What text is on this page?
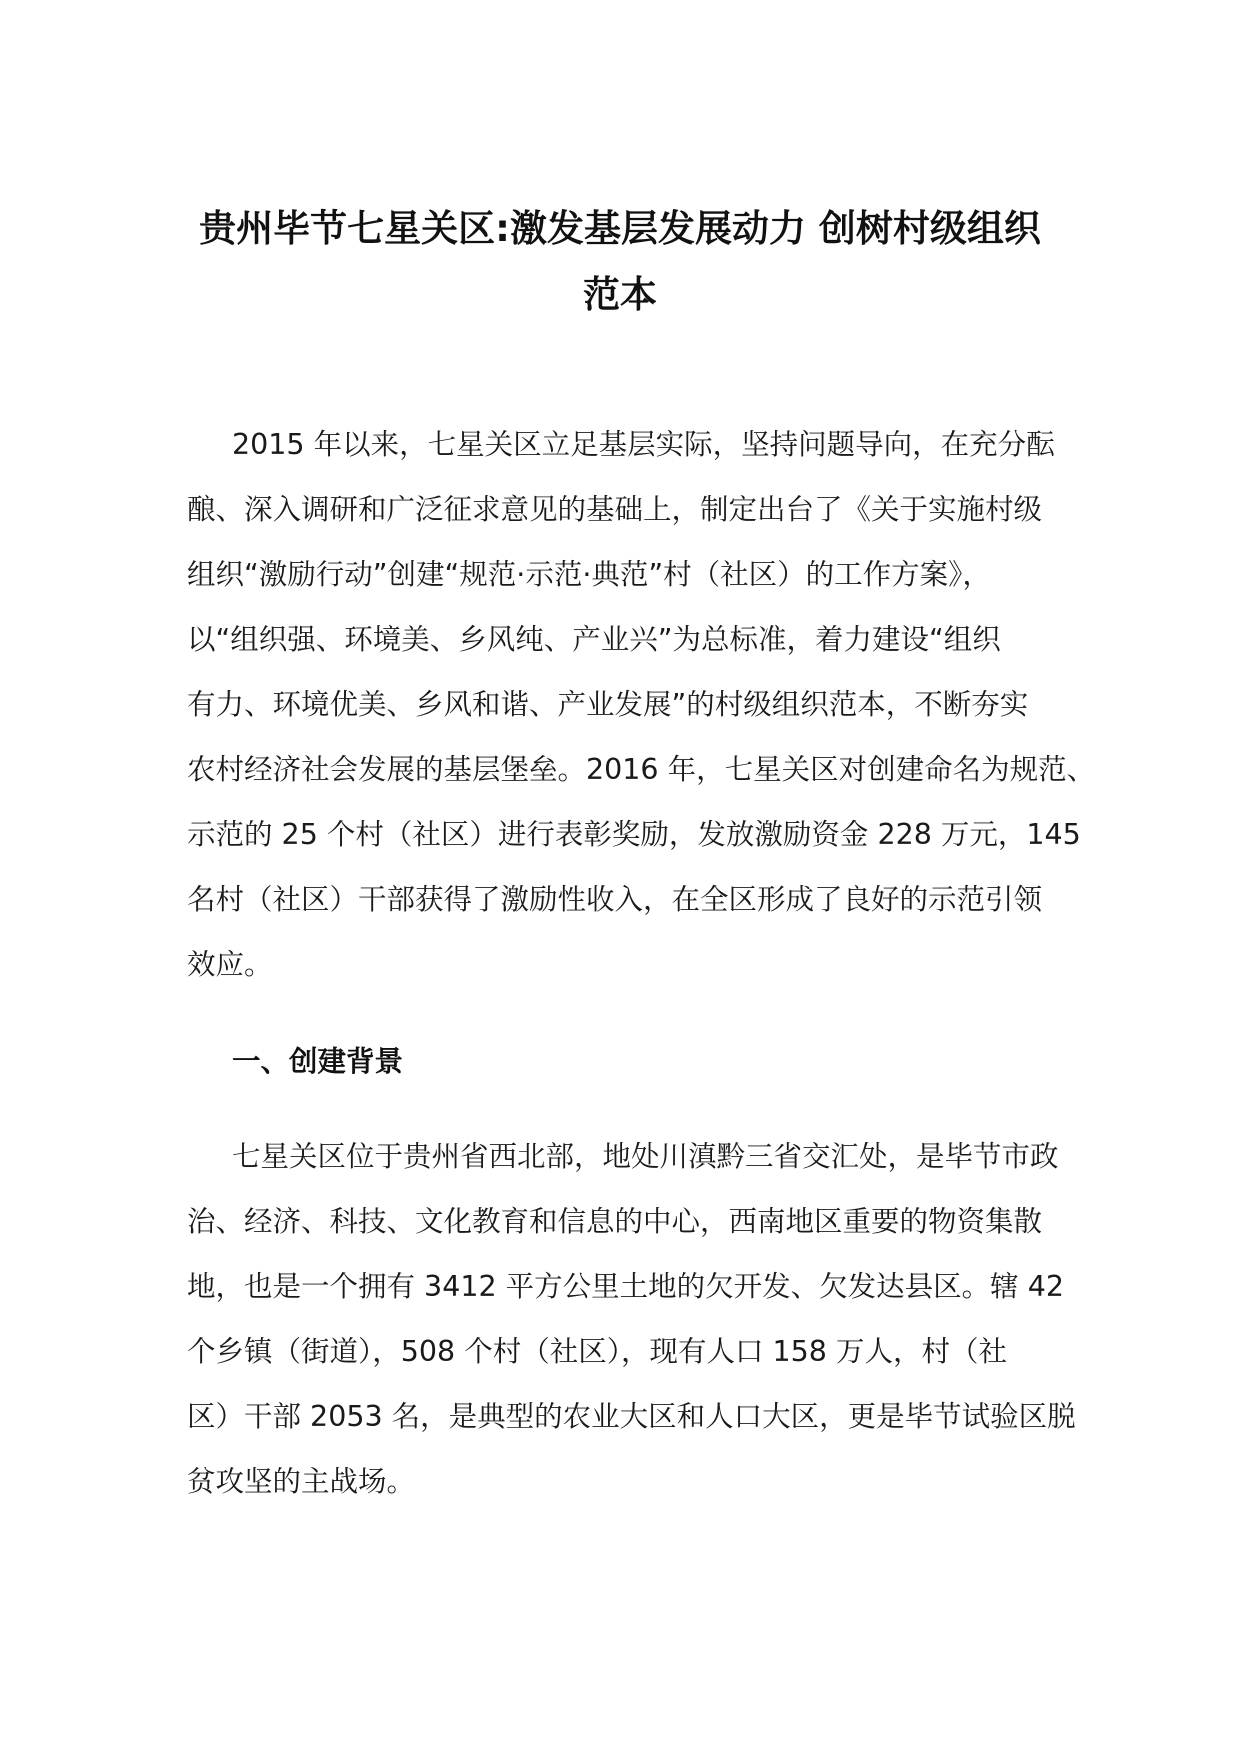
贵州毕节七星关区:激发基层发展动力 创树村级组织
范本
2015 年以来，七星关区立足基层实际，坚持问题导向，在充分酝
酿、深入调研和广泛征求意见的基础上，制定出台了《关于实施村级
组织“激励行动”创建“规范·示范·典范”村（社区）的工作方案》，
以“组织强、环境美、乡风纯、产业兴”为总标准，着力建设“组织
有力、环境优美、乡风和谐、产业发展”的村级组织范本，不断夯实
农村经济社会发展的基层堡垒。2016 年，七星关区对创建命名为规范、
示范的 25 个村（社区）进行表彰奖励，发放激励资金 228 万元，145
名村（社区）干部获得了激励性收入，在全区形成了良好的示范引领
效应。
一、创建背景
七星关区位于贵州省西北部，地处川滇黔三省交汇处，是毕节市政
治、经济、科技、文化教育和信息的中心，西南地区重要的物资集散
地，也是一个拥有 3412 平方公里土地的欠开发、欠发达县区。辖 42
个乡镇（街道），508 个村（社区），现有人口 158 万人，村（社
区）干部 2053 名，是典型的农业大区和人口大区，更是毕节试验区脱
贫攻坚的主战场。
